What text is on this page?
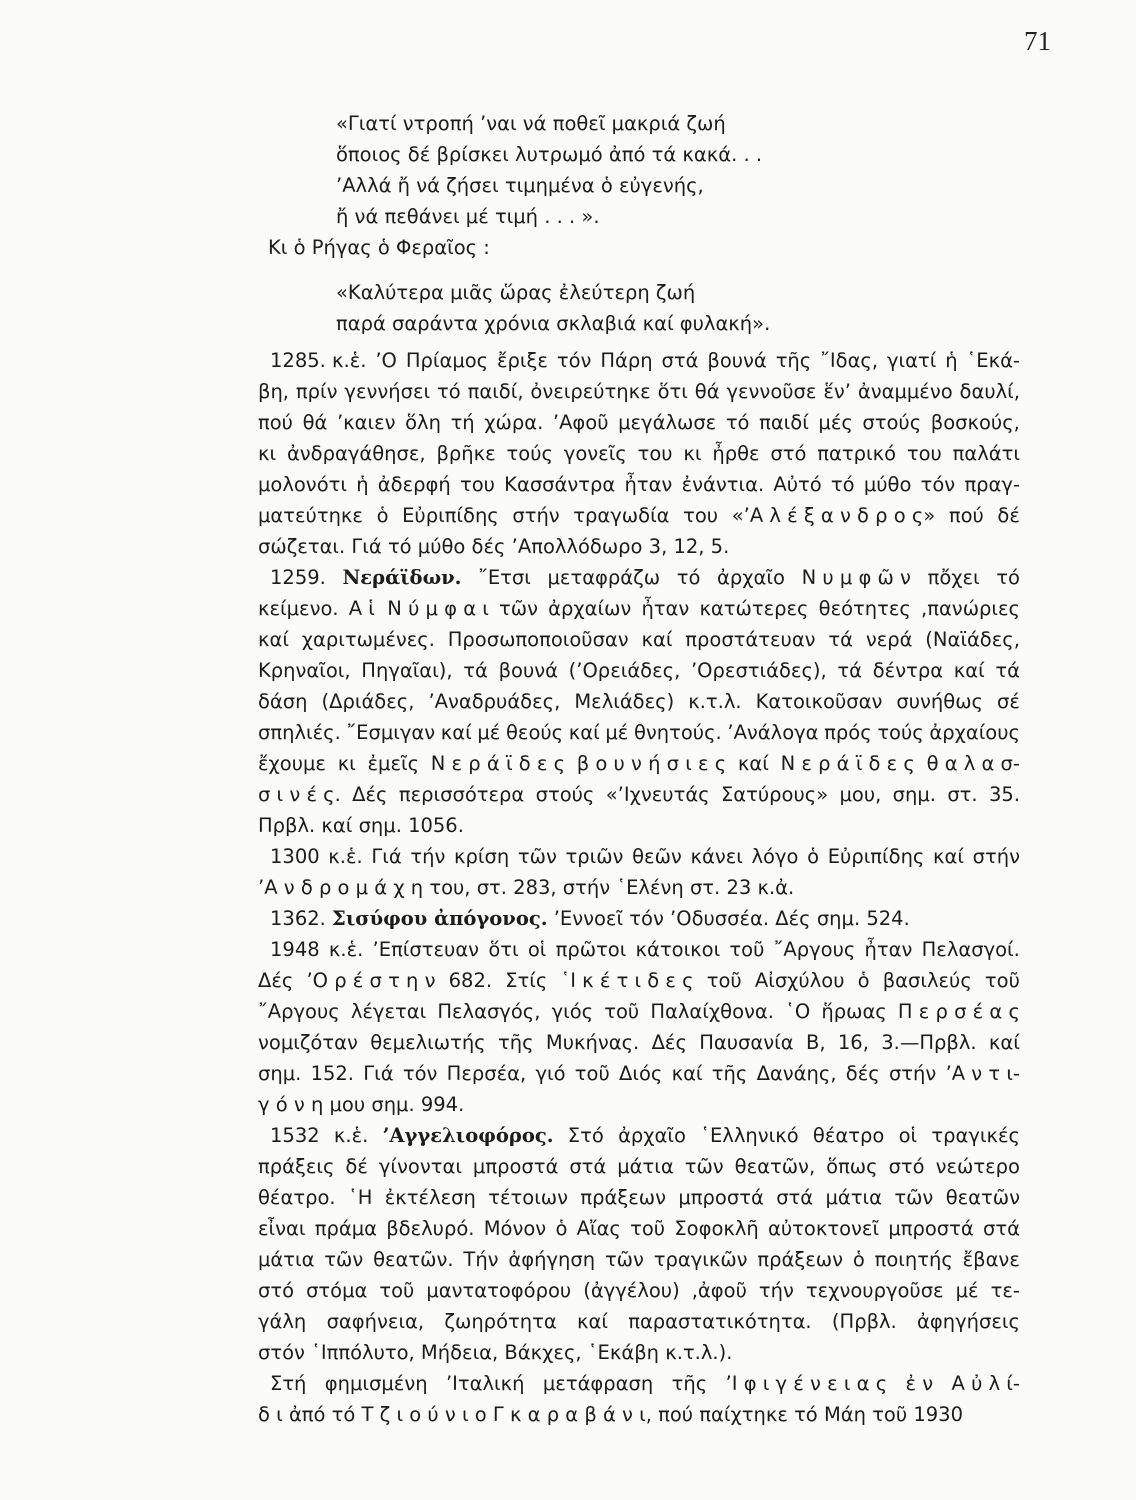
71
«Γιατί ντροπή ’ναι νά ποθεῖ μακριά ζωή
ὅποιος δέ βρίσκει λυτρωμό ἀπό τά κακά. . .
’Αλλά ἤ νά ζήσει τιμημένα ὁ εὐγενής,
ἤ νά πεθάνει μέ τιμή . . . ».
Κι ὁ Ρήγας ὁ Φεραῖος :
«Καλύτερα μιᾶς ὥρας ἐλεύτερη ζωή
παρά σαράντα χρόνια σκλαβιά καί φυλακή».
1285. κ.ἑ. ’Ο Πρίαμος ἔριξε τόν Πάρη στά βουνά τῆς ῎Ιδας, γιατί ἡ ῾Εκά-
βη, πρίν γεννήσει τό παιδί, ὀνειρεύτηκε ὅτι θά γεννοῦσε ἕν’ ἀναμμένο δαυλί,
πού θά ’καιεν ὅλη τή χώρα. ’Αφοῦ μεγάλωσε τό παιδί μές στούς βοσκούς,
κι ἀνδραγάθησε, βρῆκε τούς γονεῖς του κι ἦρθε στό πατρικό του παλάτι
μολονότι ἡ ἀδερφή του Κασσάντρα ἦταν ἐνάντια. Αὐτό τό μύθο τόν πραγ-
ματεύτηκε ὁ Εὐριπίδης στήν τραγωδία του «’Α λ έ ξ α ν δ ρ ο ς» πού δέ
σώζεται. Γιά τό μύθο δές ’Απολλόδωρο 3, 12, 5.
1259. Νεράϊδων. ῎Ετσι μεταφράζω τό ἀρχαῖο Ν υ μ φ ῶ ν πὄχει τό
κείμενο. Α ἱ  Ν ύ μ φ α ι τῶν ἀρχαίων ἦταν κατώτερες θεότητες ,πανώριες
καί χαριτωμένες. Προσωποποιοῦσαν καί προστάτευαν τά νερά (Ναϊάδες,
Κρηναῖοι, Πηγαῖαι), τά βουνά (’Ορειάδες, ’Ορεστιάδες), τά δέντρα καί τά
δάση (Δριάδες, ’Αναδρυάδες, Μελιάδες) κ.τ.λ. Κατοικοῦσαν συνήθως σέ
σπηλιές. ῎Εσμιγαν καί μέ θεούς καί μέ θνητούς. ’Ανάλογα πρός τούς ἀρχαίους
ἔχουμε κι ἐμεῖς Ν ε ρ ά ϊ δ ε ς β ο υ ν ή σ ι ε ς καί Ν ε ρ ά ϊ δ ε ς θ α λ α σ-
σ ι ν έ ς. Δές περισσότερα στούς «’Ιχνευτάς Σατύρους» μου, σημ. στ. 35.
Πρβλ. καί σημ. 1056.
1300 κ.ἑ. Γιά τήν κρίση τῶν τριῶν θεῶν κάνει λόγο ὁ Εὐριπίδης καί στήν
’Α ν δ ρ ο μ ά χ η του, στ. 283, στήν ῾Ελένη στ. 23 κ.ἀ.
1362. Σισύφου ἀπόγονος. ’Εννοεῖ τόν ’Οδυσσέα. Δές σημ. 524.
1948 κ.ἑ. ’Επίστευαν ὅτι οἱ πρῶτοι κάτοικοι τοῦ ῎Αργους ἦταν Πελασγοί.
Δές ’Ο ρ έ σ τ η ν 682. Στίς ῾Ι κ έ τ ι δ ε ς τοῦ Αἰσχύλου ὁ βασιλεύς τοῦ
῎Αργους λέγεται Πελασγός, γιός τοῦ Παλαίχθονα. ῾Ο ἥρωας Π ε ρ σ έ α ς
νομιζόταν θεμελιωτής τῆς Μυκήνας. Δές Παυσανία Β, 16, 3.—Πρβλ. καί
σημ. 152. Γιά τόν Περσέα, γιό τοῦ Διός καί τῆς Δανάης, δές στήν ’Α ν τ ι-
γ ό ν η μου σημ. 994.
1532 κ.ἑ. ’Αγγελιοφόρος. Στό ἀρχαῖο ῾Ελληνικό θέατρο οἱ τραγικές
πράξεις δέ γίνονται μπροστά στά μάτια τῶν θεατῶν, ὅπως στό νεώτερο
θέατρο. ῾Η ἐκτέλεση τέτοιων πράξεων μπροστά στά μάτια τῶν θεατῶν
εἶναι πράμα βδελυρό. Μόνον ὁ Αἴας τοῦ Σοφοκλῆ αὐτοκτονεῖ μπροστά στά
μάτια τῶν θεατῶν. Τήν ἀφήγηση τῶν τραγικῶν πράξεων ὁ ποιητής ἔβανε
στό στόμα τοῦ μαντατοφόρου (ἀγγέλου) ,ἀφοῦ τήν τεχνουργοῦσε μέ τε-
γάλη σαφήνεια, ζωηρότητα καί παραστατικότητα. (Πρβλ. ἀφηγήσεις
στόν ῾Ιππόλυτο, Μήδεια, Βάκχες, ῾Εκάβη κ.τ.λ.).
Στή φημισμένη ’Ιταλική μετάφραση τῆς ’Ι φ ι γ έ ν ε ι α ς ἐ ν Α ὐ λ ί-
δ ι ἀπό τό Τ ζ ι ο ύ ν ι ο Γ κ α ρ α β ά ν ι, πού παίχτηκε τό Μάη τοῦ 1930
